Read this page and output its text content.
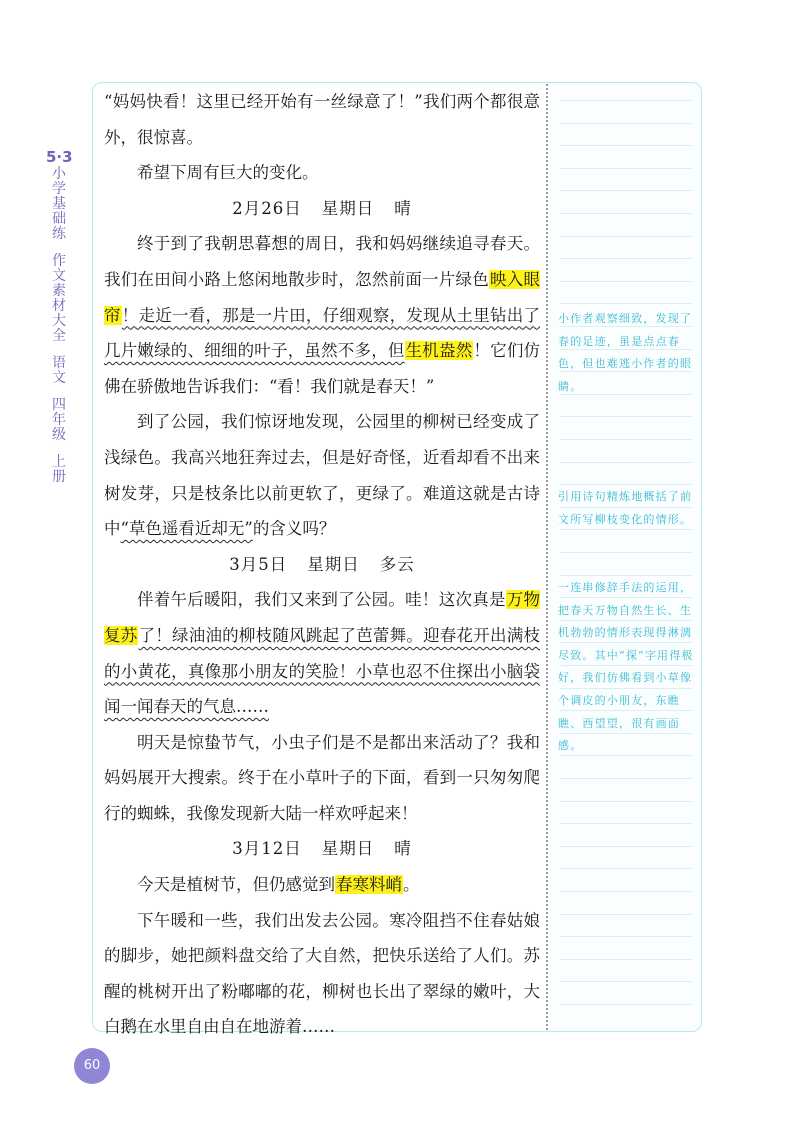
5·3
小
学
基
础
练
作
文
素
材
大
全
语
文
四
年
级
上
册
小作者观察细致，发现了春的足迹，虽是点点春色，但也难逃小作者的眼睛。
引用诗句精炼地概括了前文所写柳枝变化的情形。
一连串修辞手法的运用，把春天万物自然生长、生机勃勃的情形表现得淋漓尽致。其中“探”字用得极好，我们仿佛看到小草像个调皮的小朋友，东瞧瞧、西望望，很有画面感。

“妈妈快看！这里已经开始有一丝绿意了！”我们两个都很意外，很惊喜。

希望下周有巨大的变化。

2月26日 星期日 晴

终于到了我朝思暮想的周日，我和妈妈继续追寻春天。我们在田间小路上悠闲地散步时，忽然前面一片绿色映入眼帘！走近一看，那是一片田，仔细观察，发现从土里钻出了几片嫩绿的、细细的叶子，虽然不多，但生机盎然！它们仿佛在骄傲地告诉我们：“看！我们就是春天！”

到了公园，我们惊讶地发现，公园里的柳树已经变成了浅绿色。我高兴地狂奔过去，但是好奇怪，近看却看不出来树发芽，只是枝条比以前更软了，更绿了。难道这就是古诗中“草色遥看近却无”的含义吗？

3月5日 星期日 多云

伴着午后暖阳，我们又来到了公园。哇！这次真是万物复苏了！绿油油的柳枝随风跳起了芭蕾舞。迎春花开出满枝的小黄花，真像那小朋友的笑脸！小草也忍不住探出小脑袋闻一闻春天的气息……

明天是惊蛰节气，小虫子们是不是都出来活动了？我和妈妈展开大搜索。终于在小草叶子的下面，看到一只匆匆爬行的蜘蛛，我像发现新大陆一样欢呼起来！

3月12日 星期日 晴

今天是植树节，但仍感觉到春寒料峭。

下午暖和一些，我们出发去公园。寒冷阻挡不住春姑娘的脚步，她把颜料盘交给了大自然，把快乐送给了人们。苏醒的桃树开出了粉嘟嘟的花，柳树也长出了翠绿的嫩叶，大白鹅在水里自由自在地游着……

60
